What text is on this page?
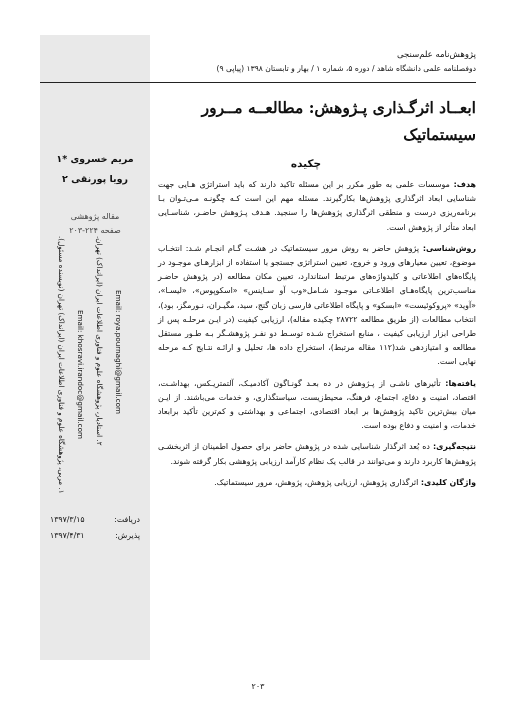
پژوهش‌نامه علم‌سنجی
دوفصلنامه علمی دانشگاه شاهد / دوره ۵، شماره ۱ / بهار و تابستان ۱۳۹۸ (پیاپی ۹)
ابعــاد اثرگـذاری پـژوهش: مطالعــه مــرور
سیستماتیک
مریم خسروی *۱
رویا پورنقی ۲
مقاله پژوهشی
صفحه ۲۲۴-۲۰۳
۱. مربی، پژوهشگاه علوم و فناوری اطلاعات ایران (ایرانداک) تهران (نویسنده مسئول).
Email: khosravi.irandoc@gmail.com ۲. استادیار، پژوهشگاه علوم و فناوری اطلاعات ایران (ایرانداک) تهران.
Email: roya.pournaghi@gmail.com
دریافت:
۱۳۹۷/۳/۱۵
پذیرش:
۱۳۹۷/۴/۳۱
چکیده

هدف: موسسات علمی به طور مکرر بر این مسئله تاکید دارند که باید استراتژی هـایی جهت شناسایی ابعاد اثرگذاری پژوهش‌ها بکارگیرند. مسئله مهم این است کـه چگونـه مـی‌تـوان بـا برنامه‌ریزی درست و منطقی اثرگذاری پژوهش‌ها را سنجید. هـدف پـژوهش حاضـر، شناسـایی ابعاد متأثر از پژوهش است.

روش‌شناسی: پژوهش حاضر به روش مرور سیستماتیک در هشـت گـام انجـام شـد: انتخـاب موضوع، تعیین معیارهای ورود و خروج، تعیین استراتژی جستجو با استفاده از ابزارهـای موجـود در پایگاه‌های اطلاعاتی و کلیدواژه‌های مرتبط استاندارد، تعیین مکان مطالعه (در پژوهش حاضـر مناسب‌ترین پایگاه‌هـای اطلاعـاتی موجـود شـامل«وب آو سـاینس» «اسکوپوس»، «لیسـا»، «آوید» «پروکوئیست» «ابسکو» و پایگاه اطلاعاتی فارسی زبان گنج، سید، مگیـران، نـورمگز، بود)، انتخاب مطالعات (از طریق مطالعه ۲۸۷۲۲ چکیده مقاله)، ارزیابی کیفیت (در ایـن مرحلـه پس از طراحی ابزار ارزیابی کیفیت ، منابع استخراج شـده توسـط دو نفـر پژوهشـگر بـه طـور مستقل مطالعه و امتیازدهی شد(۱۱۲ مقاله مرتبط)، استخراج داده ها، تحلیل و ارائـه نتـایج کـه مرحله نهایی است.

یافته‌ها: تأثیرهای ناشـی از پـژوهش در ده بعـد گونـاگون آکادمیـک، آلتمتریـکس، بهداشـت، اقتصاد، امنیت و دفاع، اجتماع، فرهنگ، محیط‌زیست، سیاستگذاری، و خدمات می‌باشند. از ایـن میان بیش‌ترین تاکید پژوهش‌ها بر ابعاد اقتصادی، اجتماعی و بهداشتی و کم‌ترین تأکید برابعاد خدمات، و امنیت و دفاع بوده است.

نتیجه‌گیری: ده بُعد اثرگذار شناسایی شده در پژوهش حاضر برای حصول اطمینان از اثربخشـی پژوهش‌ها کاربرد دارند و می‌توانند در قالب یک نظام کارآمد ارزیابی پژوهشی بکار گرفته شوند.

واژگان کلیدی: اثرگذاری پژوهش، ارزیابی پژوهش، پژوهش، مرور سیستماتیک.

۲۰۳
